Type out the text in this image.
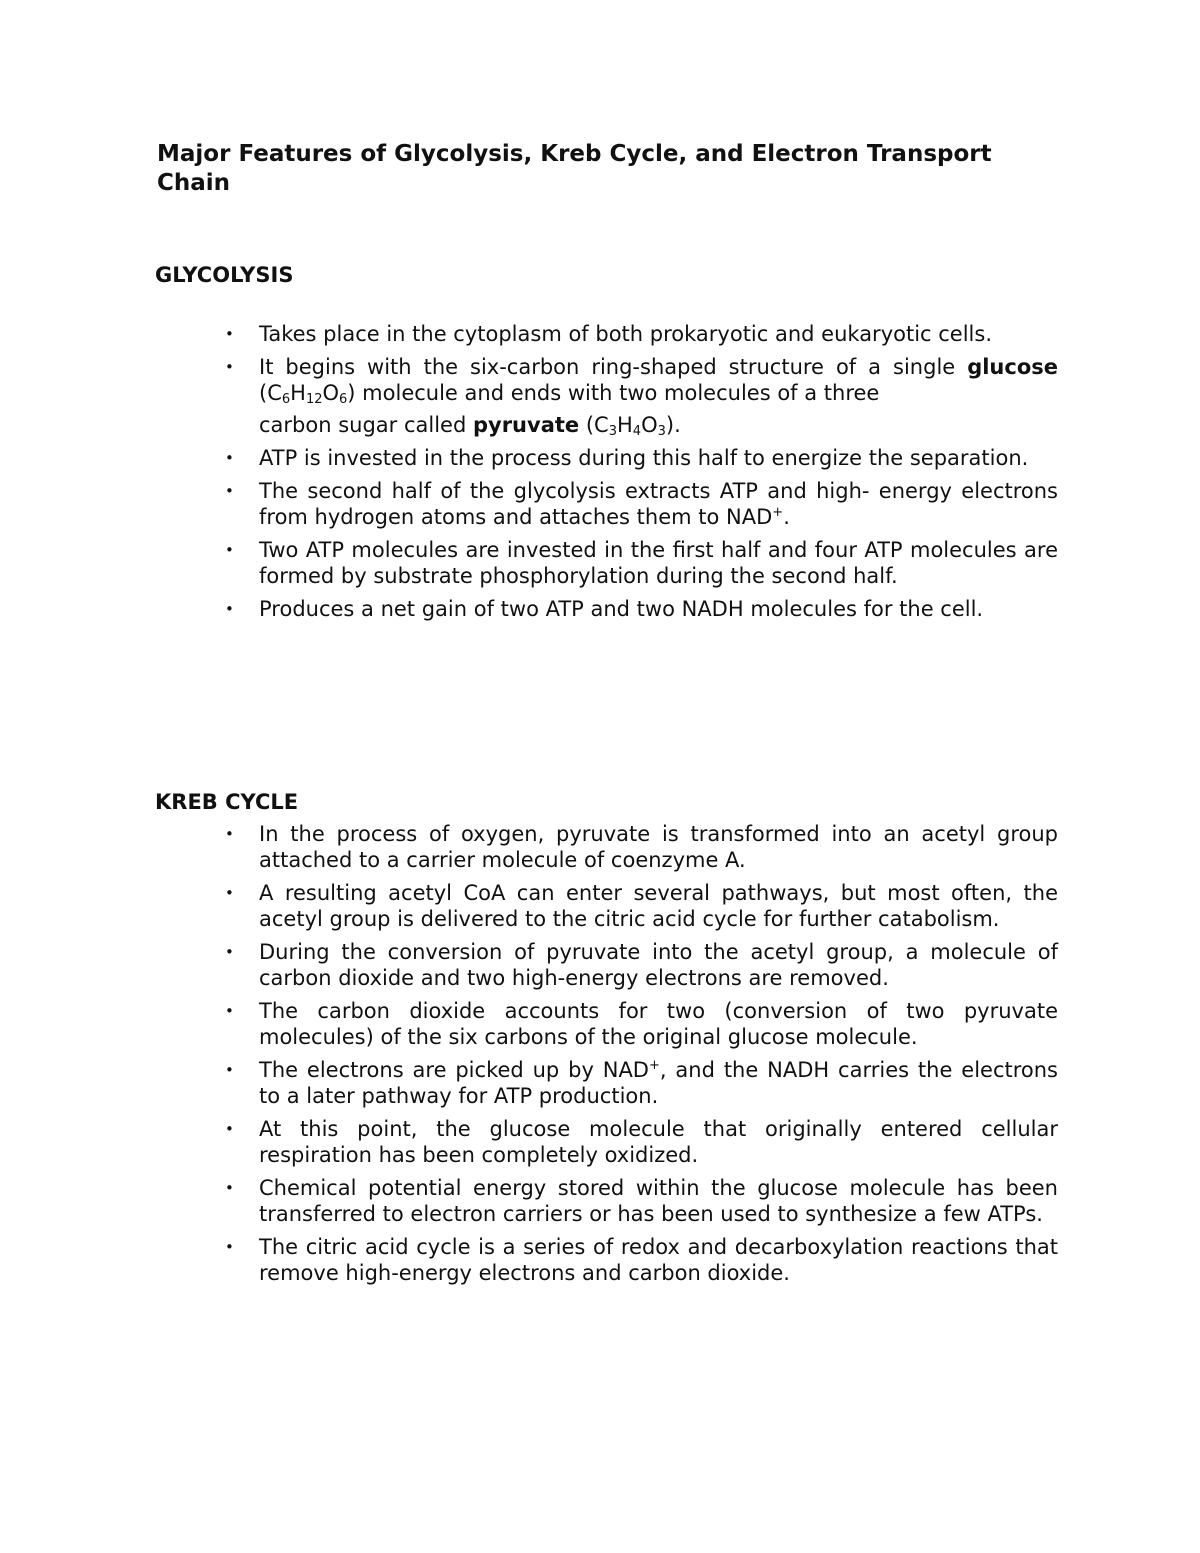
Major Features of Glycolysis, Kreb Cycle, and Electron Transport Chain
GLYCOLYSIS
• Takes place in the cytoplasm of both prokaryotic and eukaryotic cells.
• It begins with the six-carbon ring-shaped structure of a single glucose $(C_6H_{12}O_6)$ molecule and ends with two molecules of a three
carbon sugar called pyruvate $(C_3H_4O_3)$.
• ATP is invested in the process during this half to energize the separation.
• The second half of the glycolysis extracts ATP and high- energy electrons from hydrogen atoms and attaches them to NAD+.
• Two ATP molecules are invested in the first half and four ATP molecules are formed by substrate phosphorylation during the second half.
• Produces a net gain of two ATP and two NADH molecules for the cell.
KREB CYCLE
• In the process of oxygen, pyruvate is transformed into an acetyl group attached to a carrier molecule of coenzyme A.
• A resulting acetyl CoA can enter several pathways, but most often, the acetyl group is delivered to the citric acid cycle for further catabolism.
• During the conversion of pyruvate into the acetyl group, a molecule of carbon dioxide and two high-energy electrons are removed.
• The carbon dioxide accounts for two (conversion of two pyruvate molecules) of the six carbons of the original glucose molecule.
• The electrons are picked up by NAD+, and the NADH carries the electrons to a later pathway for ATP production.
• At this point, the glucose molecule that originally entered cellular respiration has been completely oxidized.
• Chemical potential energy stored within the glucose molecule has been transferred to electron carriers or has been used to synthesize a few ATPs.
• The citric acid cycle is a series of redox and decarboxylation reactions that remove high-energy electrons and carbon dioxide.
